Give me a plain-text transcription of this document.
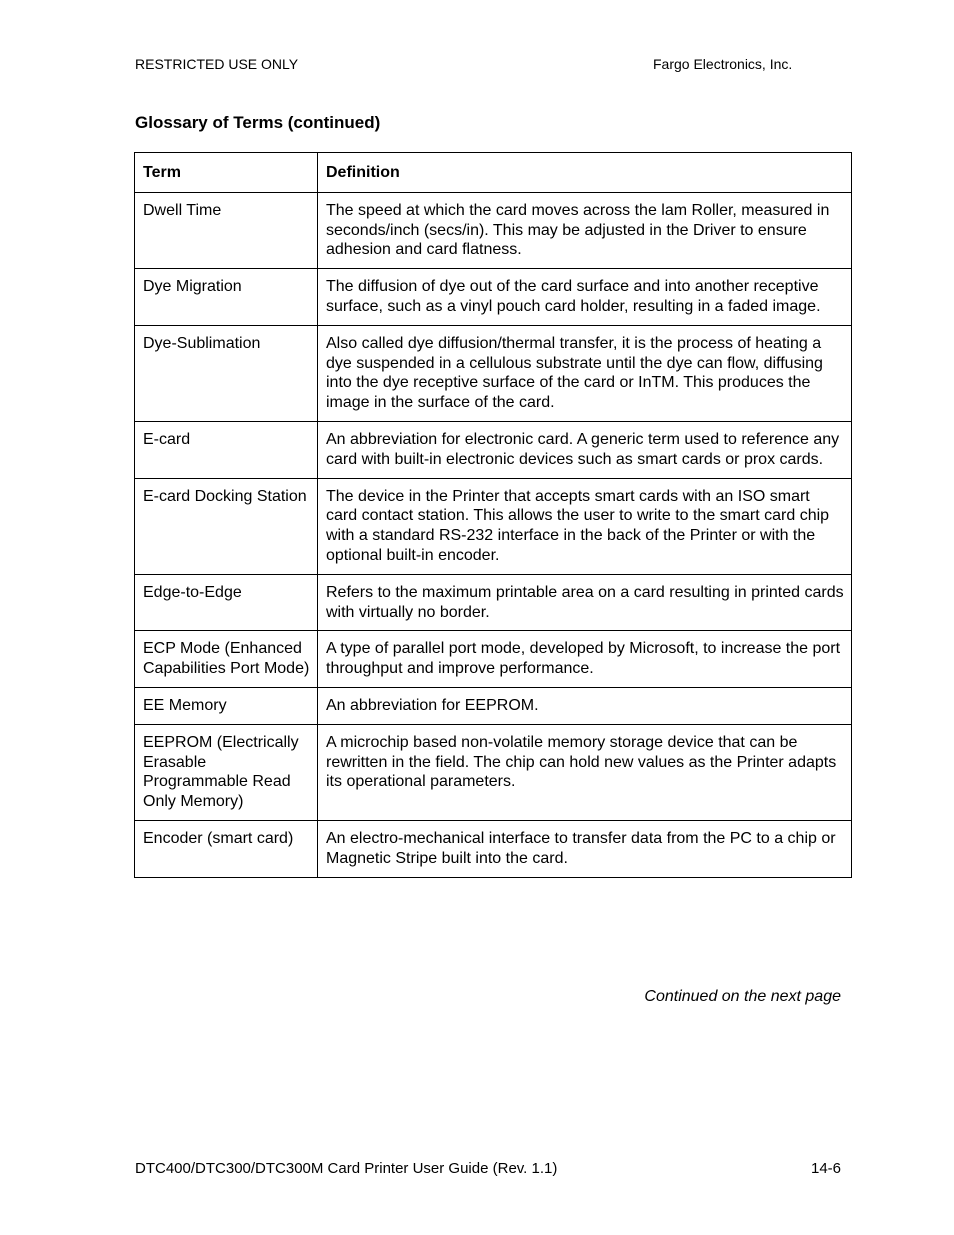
RESTRICTED USE ONLY	Fargo Electronics, Inc.
Glossary of Terms (continued)
Term	Definition
Dwell Time	The speed at which the card moves across the lam Roller, measured in seconds/inch (secs/in). This may be adjusted in the Driver to ensure adhesion and card flatness.
Dye Migration	The diffusion of dye out of the card surface and into another receptive surface, such as a vinyl pouch card holder, resulting in a faded image.
Dye-Sublimation	Also called dye diffusion/thermal transfer, it is the process of heating a dye suspended in a cellulous substrate until the dye can flow, diffusing into the dye receptive surface of the card or InTM. This produces the image in the surface of the card.
E-card	An abbreviation for electronic card. A generic term used to reference any card with built-in electronic devices such as smart cards or prox cards.
E-card Docking Station	The device in the Printer that accepts smart cards with an ISO smart card contact station. This allows the user to write to the smart card chip with a standard RS-232 interface in the back of the Printer or with the optional built-in encoder.
Edge-to-Edge	Refers to the maximum printable area on a card resulting in printed cards with virtually no border.
ECP Mode (Enhanced Capabilities Port Mode)	A type of parallel port mode, developed by Microsoft, to increase the port throughput and improve performance.
EE Memory	An abbreviation for EEPROM.
EEPROM (Electrically Erasable Programmable Read Only Memory)	A microchip based non-volatile memory storage device that can be rewritten in the field. The chip can hold new values as the Printer adapts its operational parameters.
Encoder (smart card)	An electro-mechanical interface to transfer data from the PC to a chip or Magnetic Stripe built into the card.
Continued on the next page
DTC400/DTC300/DTC300M Card Printer User Guide (Rev. 1.1)	14-6
